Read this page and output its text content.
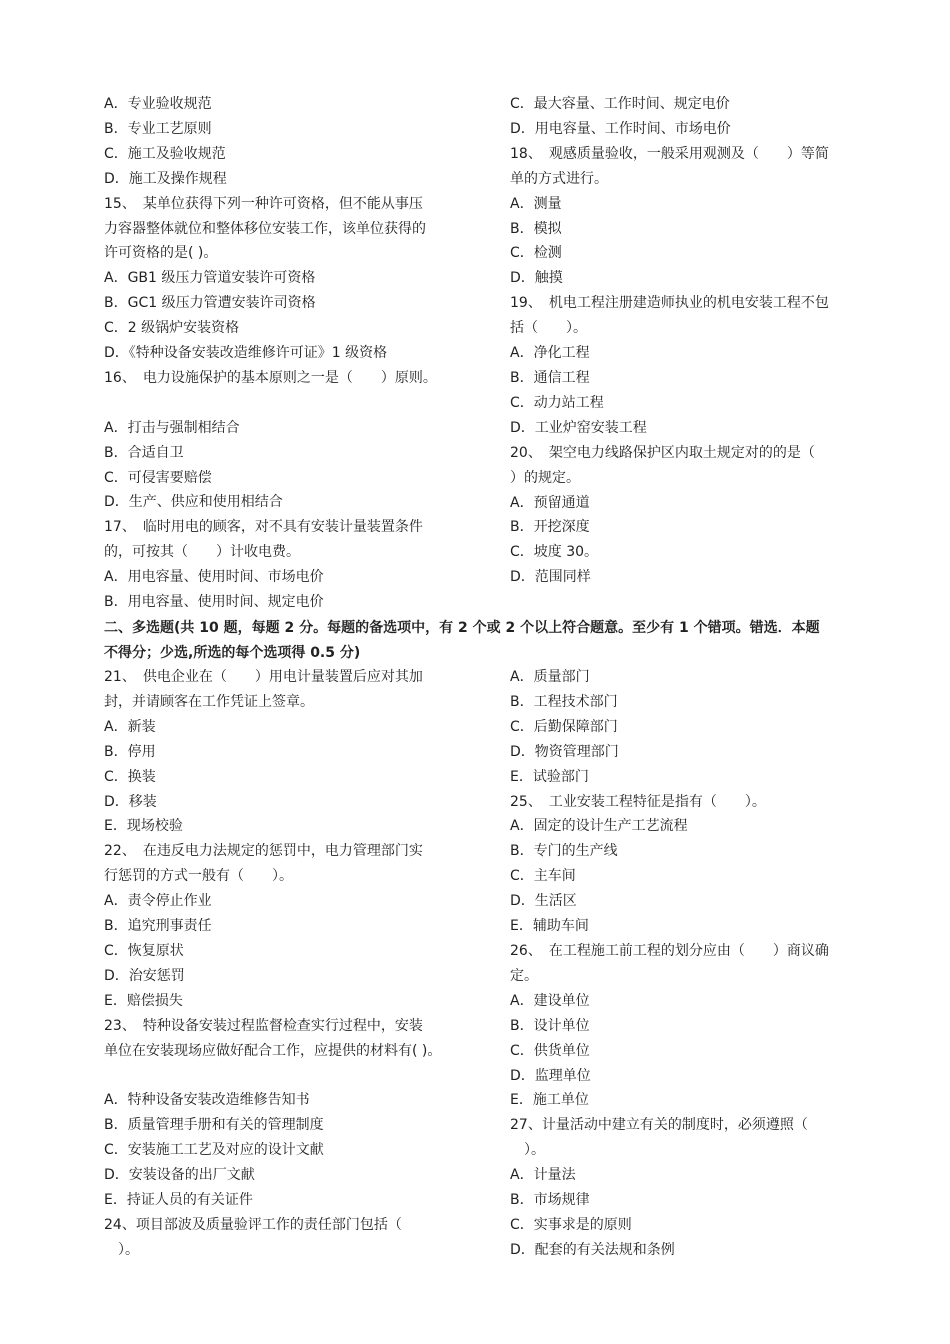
A．专业验收规范
B．专业工艺原则
C．施工及验收规范
D．施工及操作规程
15、　某单位获得下列一种许可资格，但不能从事压
力容器整体就位和整体移位安装工作，该单位获得的
许可资格的是( )。
A．GB1 级压力管道安装许可资格
B．GC1 级压力管遭安装许司资格
C．2 级锅炉安装资格
D．《特种设备安装改造维修许可证》1 级资格
16、　电力设施保护的基本原则之一是（　　）原则。
A．打击与强制相结合
B．合适自卫
C．可侵害要赔偿
D．生产、供应和使用相结合
17、　临时用电的顾客，对不具有安装计量装置条件
的，可按其（　　）计收电费。
A．用电容量、使用时间、市场电价
B．用电容量、使用时间、规定电价
C．最大容量、工作时间、规定电价
D．用电容量、工作时间、市场电价
18、　观感质量验收，一般采用观测及（　　）等简
单的方式进行。
A．测量
B．模拟
C．检测
D．触摸
19、　机电工程注册建造师执业的机电安装工程不包
括（　　）。
A．净化工程
B．通信工程
C．动力站工程
D．工业炉窑安装工程
20、　架空电力线路保护区内取土规定对的的是（
）的规定。
A．预留通道
B．开挖深度
C．坡度 30。
D．范围同样
二、多选题(共 10 题，每题 2 分。每题的备选项中，有 2 个或 2 个以上符合题意。至少有 1 个错项。错选．本题
不得分；少选,所选的每个选项得 0.5 分)
21、　供电企业在（　　）用电计量装置后应对其加
封，并请顾客在工作凭证上签章。
A．新装
B．停用
C．换装
D．移装
E．现场校验
22、　在违反电力法规定的惩罚中，电力管理部门实
行惩罚的方式一般有（　　）。
A．责令停止作业
B．追究刑事责任
C．恢复原状
D．治安惩罚
E．赔偿损失
23、　特种设备安装过程监督检查实行过程中，安装
单位在安装现场应做好配合工作，应提供的材料有( )。
A．特种设备安装改造维修告知书
B．质量管理手册和有关的管理制度
C．安装施工工艺及对应的设计文献
D．安装设备的出厂文献
E．持证人员的有关证件
24、项目部波及质量验评工作的责任部门包括（
　）。
A．质量部门
B．工程技术部门
C．后勤保障部门
D．物资管理部门
E．试验部门
25、　工业安装工程特征是指有（　　）。
A．固定的设计生产工艺流程
B．专门的生产线
C．主车间
D．生活区
E．辅助车间
26、　在工程施工前工程的划分应由（　　）商议确
定。
A．建设单位
B．设计单位
C．供货单位
D．监理单位
E．施工单位
27、计量活动中建立有关的制度时，必须遵照（
　）。
A．计量法
B．市场规律
C．实事求是的原则
D．配套的有关法规和条例
